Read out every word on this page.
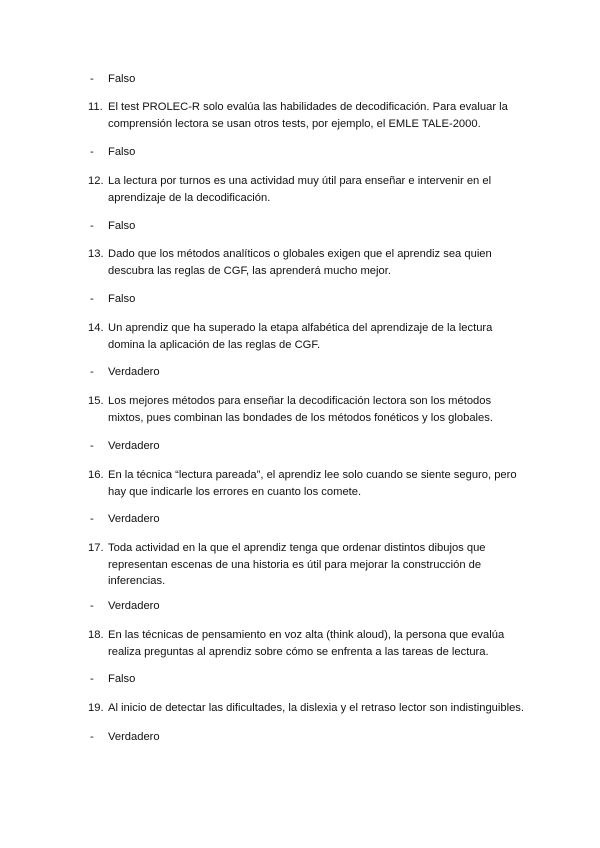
- Falso
11. El test PROLEC-R solo evalúa las habilidades de decodificación. Para evaluar la comprensión lectora se usan otros tests, por ejemplo, el EMLE TALE-2000.
- Falso
12. La lectura por turnos es una actividad muy útil para enseñar e intervenir en el aprendizaje de la decodificación.
- Falso
13. Dado que los métodos analíticos o globales exigen que el aprendiz sea quien descubra las reglas de CGF, las aprenderá mucho mejor.
- Falso
14. Un aprendiz que ha superado la etapa alfabética del aprendizaje de la lectura domina la aplicación de las reglas de CGF.
- Verdadero
15. Los mejores métodos para enseñar la decodificación lectora son los métodos mixtos, pues combinan las bondades de los métodos fonéticos y los globales.
- Verdadero
16. En la técnica “lectura pareada”, el aprendiz lee solo cuando se siente seguro, pero hay que indicarle los errores en cuanto los comete.
- Verdadero
17. Toda actividad en la que el aprendiz tenga que ordenar distintos dibujos que representan escenas de una historia es útil para mejorar la construcción de inferencias.
- Verdadero
18. En las técnicas de pensamiento en voz alta (think aloud), la persona que evalúa realiza preguntas al aprendiz sobre cómo se enfrenta a las tareas de lectura.
- Falso
19. Al inicio de detectar las dificultades, la dislexia y el retraso lector son indistinguibles.
- Verdadero
